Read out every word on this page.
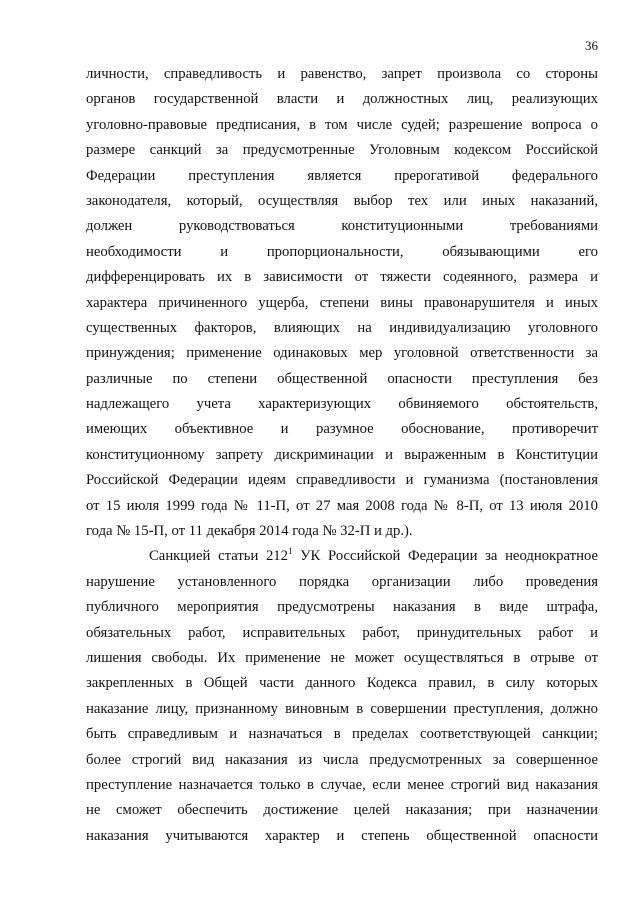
36
личности, справедливость и равенство, запрет произвола со стороны
органов государственной власти и должностных лиц, реализующих
уголовно-правовые предписания, в том числе судей; разрешение вопроса о
размере санкций за предусмотренные Уголовным кодексом Российской
Федерации преступления является прерогативой федерального
законодателя, который, осуществляя выбор тех или иных наказаний,
должен руководствоваться конституционными требованиями
необходимости и пропорциональности, обязывающими его
дифференцировать их в зависимости от тяжести содеянного, размера и
характера причиненного ущерба, степени вины правонарушителя и иных
существенных факторов, влияющих на индивидуализацию уголовного
принуждения; применение одинаковых мер уголовной ответственности за
различные по степени общественной опасности преступления без
надлежащего учета характеризующих обвиняемого обстоятельств,
имеющих объективное и разумное обоснование, противоречит
конституционному запрету дискриминации и выраженным в Конституции
Российской Федерации идеям справедливости и гуманизма (постановления
от 15 июля 1999 года № 11-П, от 27 мая 2008 года № 8-П, от 13 июля 2010
года № 15-П, от 11 декабря 2014 года № 32-П и др.).
Санкцией статьи $212^1$ УК Российской Федерации за неоднократное
нарушение установленного порядка организации либо проведения
публичного мероприятия предусмотрены наказания в виде штрафа,
обязательных работ, исправительных работ, принудительных работ и
лишения свободы. Их применение не может осуществляться в отрыве от
закрепленных в Общей части данного Кодекса правил, в силу которых
наказание лицу, признанному виновным в совершении преступления, должно
быть справедливым и назначаться в пределах соответствующей санкции;
более строгий вид наказания из числа предусмотренных за совершенное
преступление назначается только в случае, если менее строгий вид наказания
не сможет обеспечить достижение целей наказания; при назначении
наказания учитываются характер и степень общественной опасности
